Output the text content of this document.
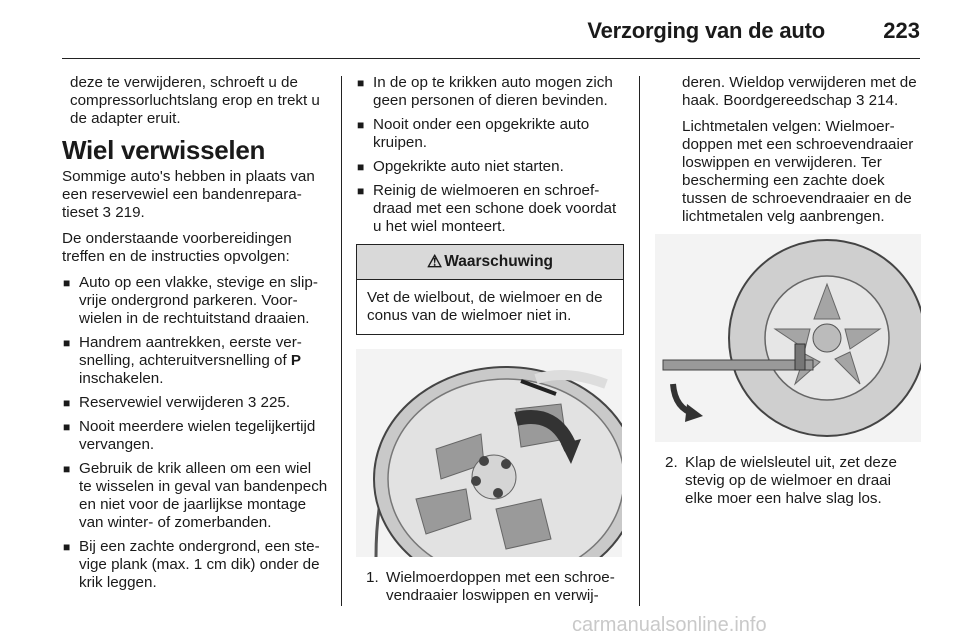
Verzorging van de auto	223

deze te verwijderen, schroeft u de compressorluchtslang erop en trekt u de adapter eruit.

Wiel verwisselen

Sommige auto's hebben in plaats van een reservewiel een bandenreparatieset 3 219.

De onderstaande voorbereidingen treffen en de instructies opvolgen:

■ Auto op een vlakke, stevige en slipvrije ondergrond parkeren. Voorwielen in de rechtuitstand draaien.
■ Handrem aantrekken, eerste versnelling, achteruitversnelling of P inschakelen.
■ Reservewiel verwijderen 3 225.
■ Nooit meerdere wielen tegelijkertijd vervangen.
■ Gebruik de krik alleen om een wiel te wisselen in geval van bandenpech en niet voor de jaarlijkse montage van winter- of zomerbanden.
■ Bij een zachte ondergrond, een stevige plank (max. 1 cm dik) onder de krik leggen.
■ In de op te krikken auto mogen zich geen personen of dieren bevinden.
■ Nooit onder een opgekrikte auto kruipen.
■ Opgekrikte auto niet starten.
■ Reinig de wielmoeren en schroefdraad met een schone doek voordat u het wiel monteert.
⚠ Waarschuwing
Vet de wielbout, de wielmoer en de conus van de wielmoer niet in.

1. Wielmoerdoppen met een schroevendraaier loswippen en verwij-

deren. Wieldop verwijderen met de haak. Boordgereedschap 3 214.

Lichtmetalen velgen: Wielmoerdoppen met een schroevendraaier loswippen en verwijderen. Ter bescherming een zachte doek tussen de schroevendraaier en de lichtmetalen velg aanbrengen.

2. Klap de wielsleutel uit, zet deze stevig op de wielmoer en draai elke moer een halve slag los.

carmanualsonline.info
